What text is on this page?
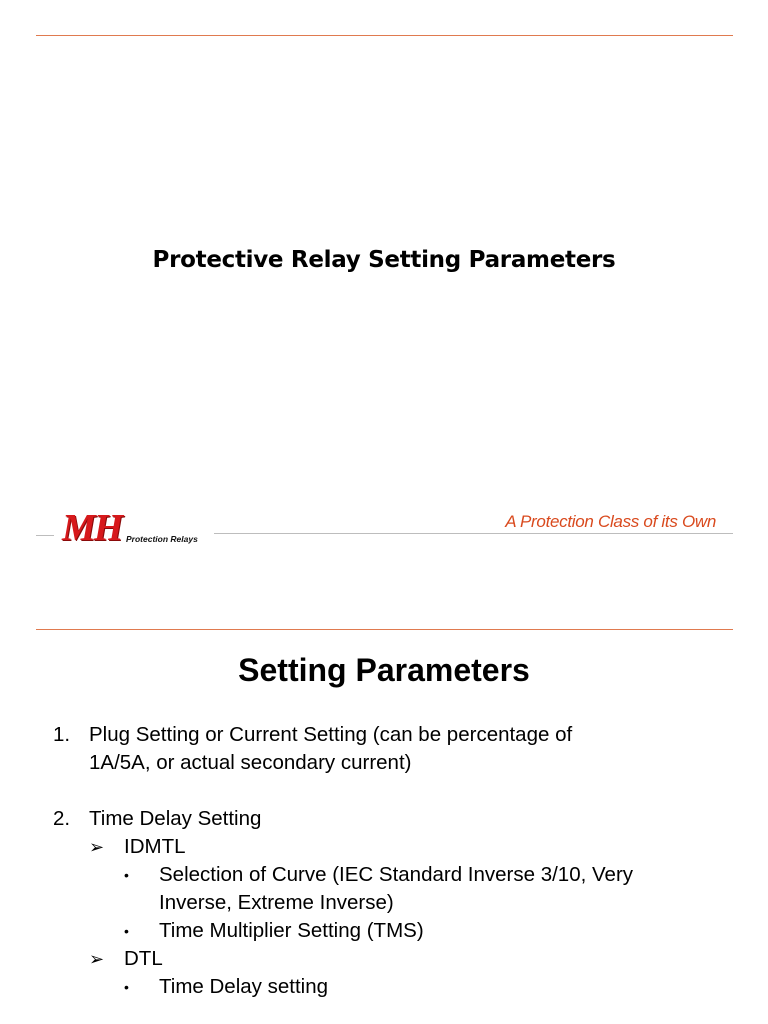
Protective Relay Setting Parameters
MH Protection Relays
A Protection Class of its Own
Setting Parameters
1. Plug Setting or Current Setting (can be percentage of
1A/5A, or actual secondary current)
2. Time Delay Setting
➢ IDMTL
• Selection of Curve (IEC Standard Inverse 3/10, Very
Inverse, Extreme Inverse)
• Time Multiplier Setting (TMS)
➢ DTL
• Time Delay setting
